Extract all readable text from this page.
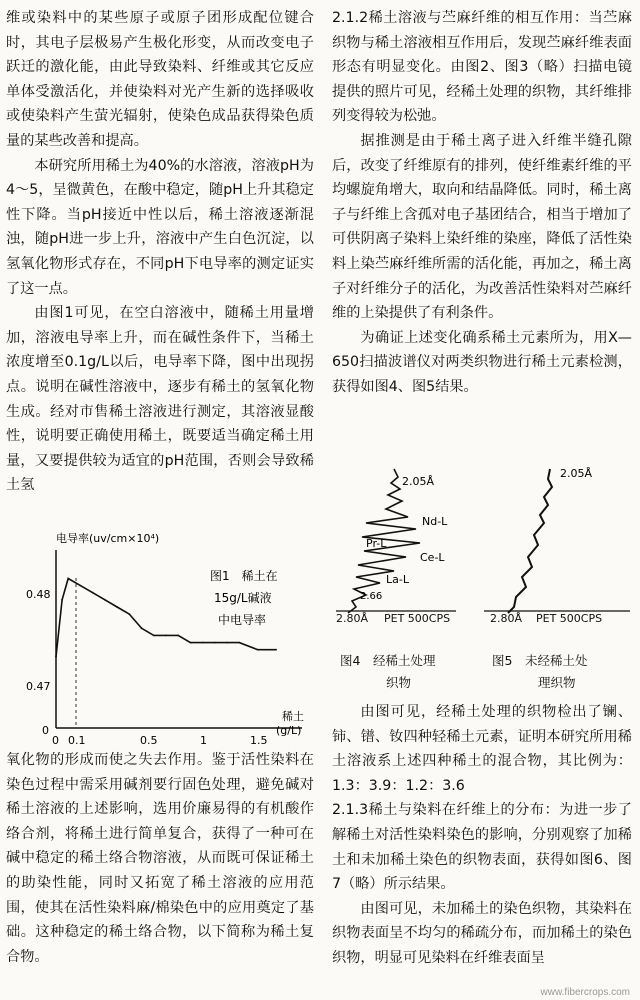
维或染料中的某些原子或原子团形成配位键合时，其电子层极易产生极化形变，从而改变电子跃迁的激化能，由此导致染料、纤维或其它反应单体受激活化，并使染料对光产生新的选择吸收或使染料产生萤光辐射，使染色成品获得染色质量的某些改善和提高。

本研究所用稀土为40%的水溶液，溶液pH为4～5，呈微黄色，在酸中稳定，随pH上升其稳定性下降。当pH接近中性以后，稀土溶液逐渐混浊，随pH进一步上升，溶液中产生白色沉淀，以氢氧化物形式存在，不同pH下电导率的测定证实了这一点。

由图1可见，在空白溶液中，随稀土用量增加，溶液电导率上升，而在碱性条件下，当稀土浓度增至0.1g/L以后，电导率下降，图中出现拐点。说明在碱性溶液中，逐步有稀土的氢氧化物生成。经对市售稀土溶液进行测定，其溶液显酸性，说明要正确使用稀土，既要适当确定稀土用量，又要提供较为适宜的pH范围，否则会导致稀土氢

电导率(uv/cm×10⁴)
0.48
0.47
0
0 0.1	0.5	1	1.5
稀土
(g/L)
图1　稀土在
15g/L碱液
中电导率
氧化物的形成而使之失去作用。鉴于活性染料在染色过程中需采用碱剂要行固色处理，避免碱对稀土溶液的上述影响，选用价廉易得的有机酸作络合剂，将稀土进行简单复合，获得了一种可在碱中稳定的稀土络合物溶液，从而既可保证稀土的助染性能，同时又拓宽了稀土溶液的应用范围，使其在活性染料麻/棉染色中的应用奠定了基础。这种稳定的稀土络合物，以下简称为稀土复合物。

2.1.2稀土溶液与苎麻纤维的相互作用：当苎麻织物与稀土溶液相互作用后，发现苎麻纤维表面形态有明显变化。由图2、图3（略）扫描电镜提供的照片可见，经稀土处理的织物，其纤维排列变得较为松弛。

据推测是由于稀土离子进入纤维半缝孔隙后，改变了纤维原有的排列，使纤维素纤维的平均螺旋角增大，取向和结晶降低。同时，稀土离子与纤维上含孤对电子基团结合，相当于增加了可供阴离子染料上染纤维的染座，降低了活性染料上染苎麻纤维所需的活化能，再加之，稀土离子对纤维分子的活化，为改善活性染料对苎麻纤维的上染提供了有利条件。

为确证上述变化确系稀土元素所为，用X—650扫描波谱仪对两类织物进行稀土元素检测，获得如图4、图5结果。

2.05Å
Nd-L
Pr-L
Ce-L
La-L
2.66
2.80Å PET 500CPS
2.05Å
2.80Å PET 500CPS
图4　经稀土处理
织物
图5　未经稀土处
理织物

由图可见，经稀土处理的织物检出了镧、铈、镨、钕四种轻稀土元素，证明本研究所用稀土溶液系上述四种稀土的混合物，其比例为：1.3：3.9：1.2：3.6

2.1.3稀土与染料在纤维上的分布：为进一步了解稀土对活性染料染色的影响，分别观察了加稀土和未加稀土染色的织物表面，获得如图6、图7（略）所示结果。

由图可见，未加稀土的染色织物，其染料在织物表面呈不均匀的稀疏分布，而加稀土的染色织物，明显可见染料在纤维表面呈

www.fibercrops.com
